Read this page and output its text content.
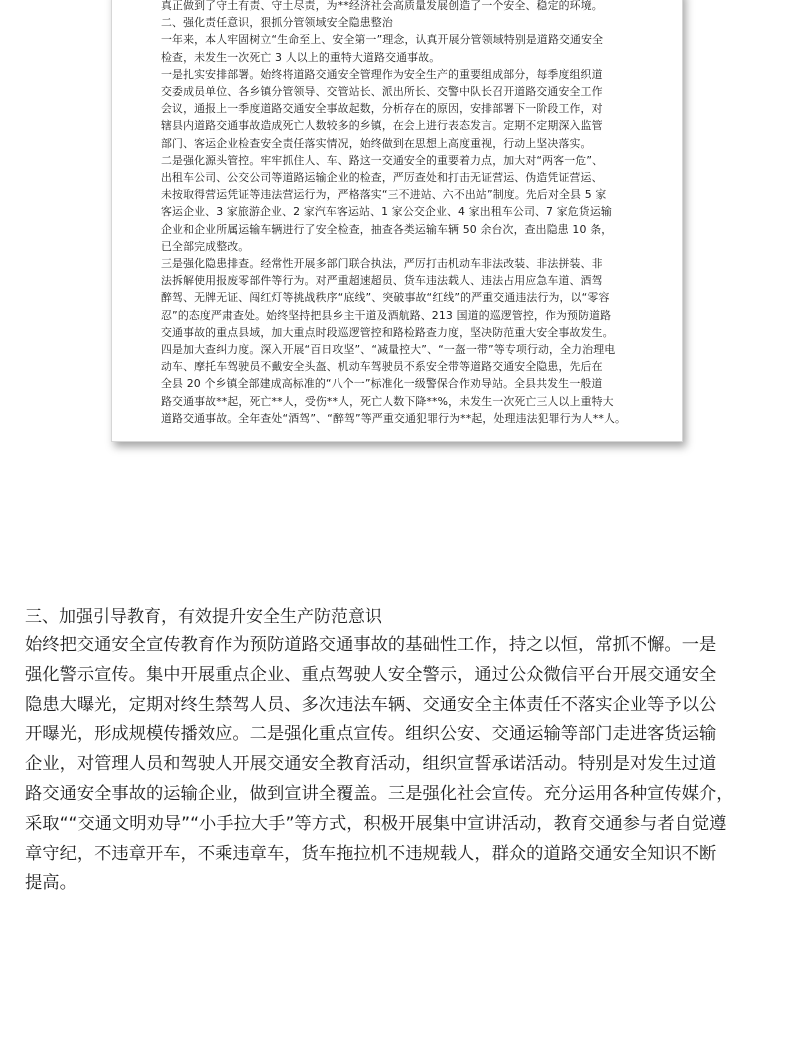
真正做到了守土有责、守土尽责，为**经济社会高质量发展创造了一个安全、稳定的环境。
二、强化责任意识，狠抓分管领域安全隐患整治
一年来，本人牢固树立“生命至上、安全第一”理念，认真开展分管领域特别是道路交通安全
检查，未发生一次死亡 3 人以上的重特大道路交通事故。
一是扎实安排部署。始终将道路交通安全管理作为安全生产的重要组成部分，每季度组织道
交委成员单位、各乡镇分管领导、交管站长、派出所长、交警中队长召开道路交通安全工作
会议，通报上一季度道路交通安全事故起数，分析存在的原因，安排部署下一阶段工作，对
辖县内道路交通事故造成死亡人数较多的乡镇，在会上进行表态发言。定期不定期深入监管
部门、客运企业检查安全责任落实情况，始终做到在思想上高度重视，行动上坚决落实。
二是强化源头管控。牢牢抓住人、车、路这一交通安全的重要着力点，加大对“两客一危”、
出租车公司、公交公司等道路运输企业的检查，严厉查处和打击无证营运、伪造凭证营运、
未按取得营运凭证等违法营运行为，严格落实“三不进站、六不出站”制度。先后对全县 5 家
客运企业、3 家旅游企业、2 家汽车客运站、1 家公交企业、4 家出租车公司、7 家危货运输
企业和企业所属运输车辆进行了安全检查，抽查各类运输车辆 50 余台次，查出隐患 10 条，
已全部完成整改。
三是强化隐患排查。经常性开展多部门联合执法，严厉打击机动车非法改装、非法拼装、非
法拆解使用报废零部件等行为。对严重超速超员、货车违法载人、违法占用应急车道、酒驾
醉驾、无牌无证、闯红灯等挑战秩序“底线”、突破事故“红线”的严重交通违法行为，以“零容
忍”的态度严肃查处。始终坚持把县乡主干道及酒航路、213 国道的巡逻管控，作为预防道路
交通事故的重点县域，加大重点时段巡逻管控和路检路查力度，坚决防范重大安全事故发生。
四是加大查纠力度。深入开展“百日攻坚”、“减量控大”、“一盔一带”等专项行动，全力治理电
动车、摩托车驾驶员不戴安全头盔、机动车驾驶员不系安全带等道路交通安全隐患，先后在
全县 20 个乡镇全部建成高标准的“八个一”标准化一级警保合作劝导站。全县共发生一般道
路交通事故**起，死亡**人，受伤**人，死亡人数下降**%，未发生一次死亡三人以上重特大
道路交通事故。全年查处“酒驾”、“醉驾”等严重交通犯罪行为**起，处理违法犯罪行为人**人。
三、加强引导教育，有效提升安全生产防范意识
始终把交通安全宣传教育作为预防道路交通事故的基础性工作，持之以恒，常抓不懈。一是
强化警示宣传。集中开展重点企业、重点驾驶人安全警示，通过公众微信平台开展交通安全
隐患大曝光，定期对终生禁驾人员、多次违法车辆、交通安全主体责任不落实企业等予以公
开曝光，形成规模传播效应。二是强化重点宣传。组织公安、交通运输等部门走进客货运输
企业，对管理人员和驾驶人开展交通安全教育活动，组织宣誓承诺活动。特别是对发生过道
路交通安全事故的运输企业，做到宣讲全覆盖。三是强化社会宣传。充分运用各种宣传媒介，
采取““交通文明劝导”“小手拉大手”等方式，积极开展集中宣讲活动，教育交通参与者自觉遵
章守纪，不违章开车，不乘违章车，货车拖拉机不违规载人，群众的道路交通安全知识不断
提高。
